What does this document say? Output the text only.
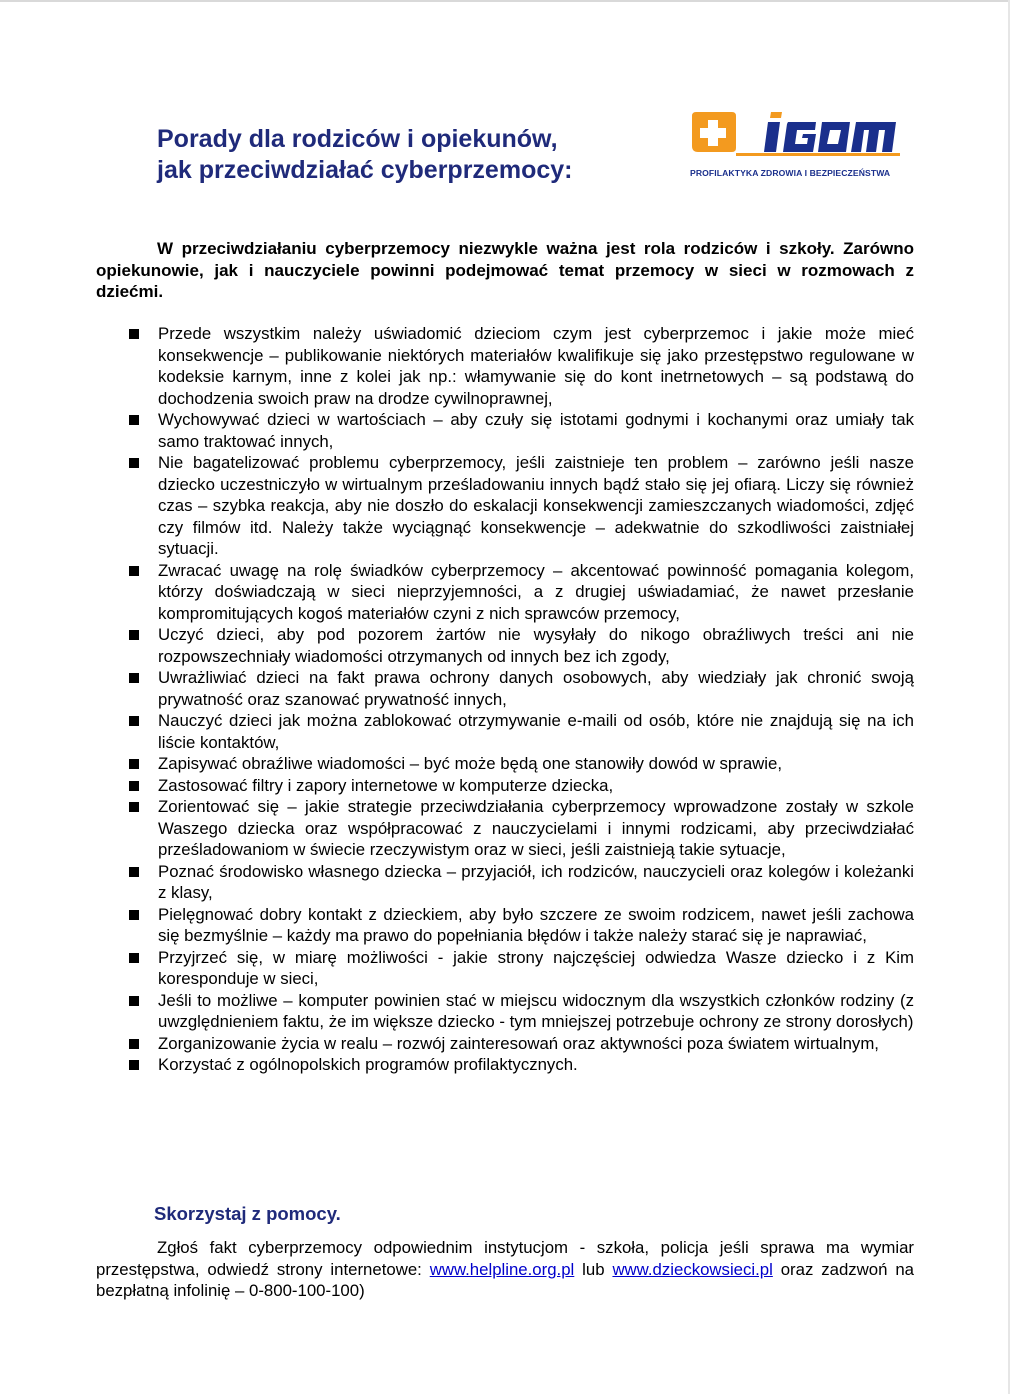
Porady dla rodziców i opiekunów,
jak przeciwdziałać cyberprzemocy:	PROFILAKTYKA ZDROWIA I BEZPIECZEŃSTWA
W przeciwdziałaniu cyberprzemocy niezwykle ważna jest rola rodziców i szkoły. Zarówno opiekunowie, jak i nauczyciele powinni podejmować temat przemocy w sieci w rozmowach z dziećmi.
Przede wszystkim należy uświadomić dzieciom czym jest cyberprzemoc i jakie może mieć konsekwencje – publikowanie niektórych materiałów kwalifikuje się jako przestępstwo regulowane w kodeksie karnym, inne z kolei jak np.: włamywanie się do kont inetrnetowych – są podstawą do dochodzenia swoich praw na drodze cywilnoprawnej,
Wychowywać dzieci w wartościach – aby czuły się istotami godnymi i kochanymi oraz umiały tak samo traktować innych,
Nie bagatelizować problemu cyberprzemocy, jeśli zaistnieje ten problem – zarówno jeśli nasze dziecko uczestniczyło w wirtualnym prześladowaniu innych bądź stało się jej ofiarą. Liczy się również czas – szybka reakcja, aby nie doszło do eskalacji konsekwencji zamieszczanych wiadomości, zdjęć czy filmów itd. Należy także wyciągnąć konsekwencje – adekwatnie do szkodliwości zaistniałej sytuacji.
Zwracać uwagę na rolę świadków cyberprzemocy – akcentować powinność pomagania kolegom, którzy doświadczają w sieci nieprzyjemności, a z drugiej uświadamiać, że nawet przesłanie kompromitujących kogoś materiałów czyni z nich sprawców przemocy,
Uczyć dzieci, aby pod pozorem żartów nie wysyłały do nikogo obraźliwych treści ani nie rozpowszechniały wiadomości otrzymanych od innych bez ich zgody,
Uwrażliwiać dzieci na fakt prawa ochrony danych osobowych, aby wiedziały jak chronić swoją prywatność oraz szanować prywatność innych,
Nauczyć dzieci jak można zablokować otrzymywanie e-maili od osób, które nie znajdują się na ich liście kontaktów,
Zapisywać obraźliwe wiadomości – być może będą one stanowiły dowód w sprawie,
Zastosować filtry i zapory internetowe w komputerze dziecka,
Zorientować się – jakie strategie przeciwdziałania cyberprzemocy wprowadzone zostały w szkole Waszego dziecka oraz współpracować z nauczycielami i innymi rodzicami, aby przeciwdziałać prześladowaniom w świecie rzeczywistym oraz w sieci, jeśli zaistnieją takie sytuacje,
Poznać środowisko własnego dziecka – przyjaciół, ich rodziców, nauczycieli oraz kolegów i koleżanki z klasy,
Pielęgnować dobry kontakt z dzieckiem, aby było szczere ze swoim rodzicem, nawet jeśli zachowa się bezmyślnie – każdy ma prawo do popełniania błędów i także należy starać się je naprawiać,
Przyjrzeć się, w miarę możliwości - jakie strony najczęściej odwiedza Wasze dziecko i z Kim koresponduje w sieci,
Jeśli to możliwe – komputer powinien stać w miejscu widocznym dla wszystkich członków rodziny (z uwzględnieniem faktu, że im większe dziecko - tym mniejszej potrzebuje ochrony ze strony dorosłych)
Zorganizowanie życia w realu – rozwój zainteresowań oraz aktywności poza światem wirtualnym,
Korzystać z ogólnopolskich programów profilaktycznych.
Skorzystaj z pomocy.
Zgłoś fakt cyberprzemocy odpowiednim instytucjom - szkoła, policja jeśli sprawa ma wymiar przestępstwa, odwiedź strony internetowe: www.helpline.org.pl lub www.dzieckowsieci.pl oraz zadzwoń na bezpłatną infolinię – 0-800-100-100)
